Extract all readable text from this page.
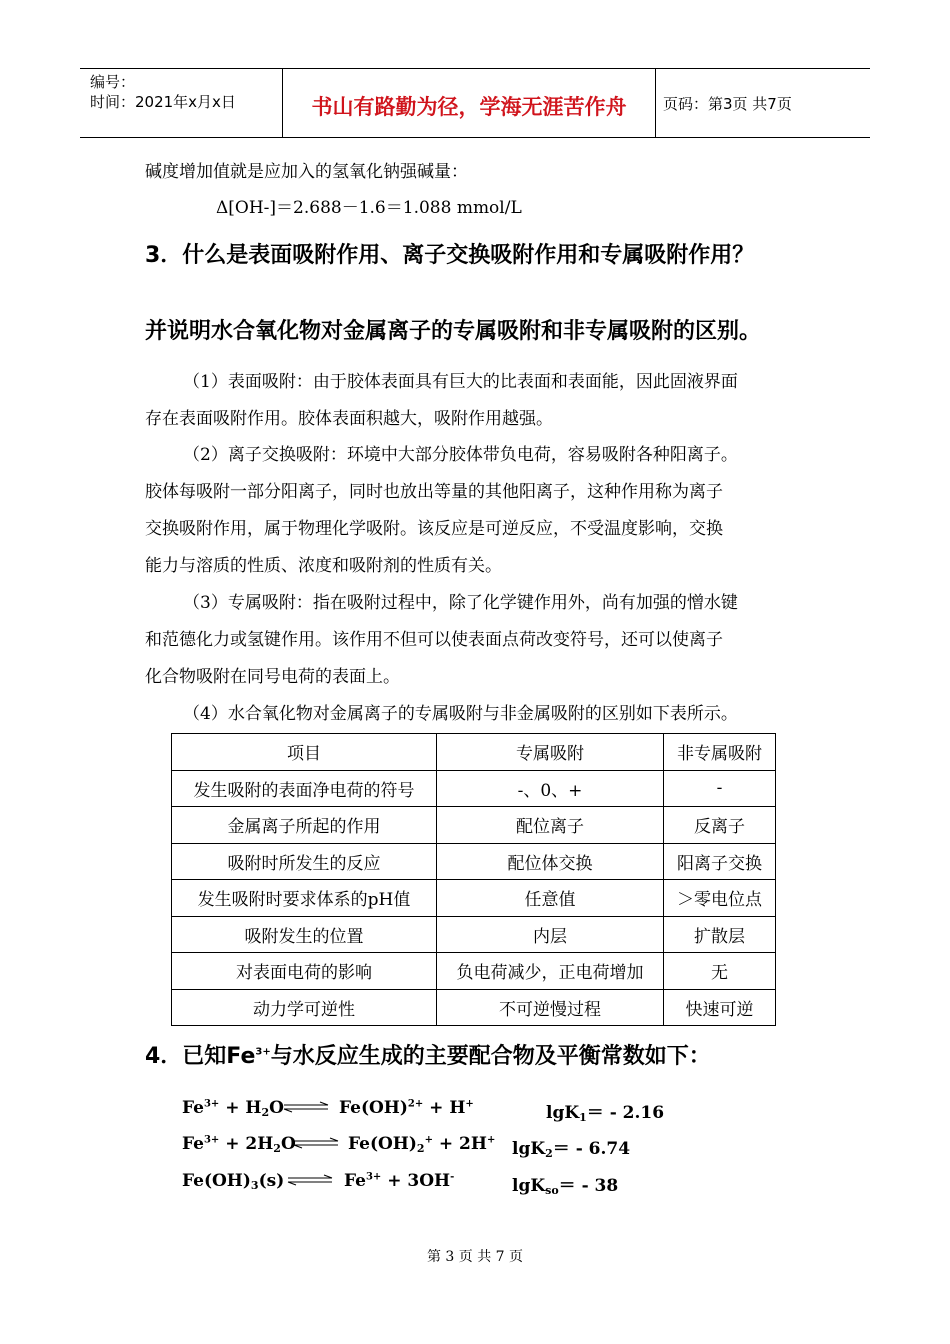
编号：
时间：2021年x月x日	书山有路勤为径，学海无涯苦作舟	页码：第3页 共7页
碱度增加值就是应加入的氢氧化钠强碱量：
Δ[OH-]＝2.688－1.6＝1.088 mmol/L
3．什么是表面吸附作用、离子交换吸附作用和专属吸附作用？
并说明水合氧化物对金属离子的专属吸附和非专属吸附的区别。
（1）表面吸附：由于胶体表面具有巨大的比表面和表面能，因此固液界面
存在表面吸附作用。胶体表面积越大，吸附作用越强。
（2）离子交换吸附：环境中大部分胶体带负电荷，容易吸附各种阳离子。
胶体每吸附一部分阳离子，同时也放出等量的其他阳离子，这种作用称为离子
交换吸附作用，属于物理化学吸附。该反应是可逆反应，不受温度影响，交换
能力与溶质的性质、浓度和吸附剂的性质有关。
（3）专属吸附：指在吸附过程中，除了化学键作用外，尚有加强的憎水键
和范德化力或氢键作用。该作用不但可以使表面点荷改变符号，还可以使离子
化合物吸附在同号电荷的表面上。
（4）水合氧化物对金属离子的专属吸附与非金属吸附的区别如下表所示。
项目	专属吸附	非专属吸附
发生吸附的表面净电荷的符号	-、0、+	-
金属离子所起的作用	配位离子	反离子
吸附时所发生的反应	配位体交换	阳离子交换
发生吸附时要求体系的pH值	任意值	＞零电位点
吸附发生的位置	内层	扩散层
对表面电荷的影响	负电荷减少，正电荷增加	无
动力学可逆性	不可逆慢过程	快速可逆
4．已知$Fe^{3+}$与水反应生成的主要配合物及平衡常数如下：
$Fe^{3+} + H_2O$ ⇌ Fe(OH)$^{2+}$ + H+	lgK$_1$＝ - 2.16
$Fe^{3+} + 2H_2O$ ⇌ $Fe(OH)_2^+ + 2H^+$ lgK$_2$＝ - 6.74
$Fe(OH)_3(s)$ ⇌ $Fe^{3+} + 3OH^-$	lgK$_{so}$＝ - 38
第 3 页 共 7 页
